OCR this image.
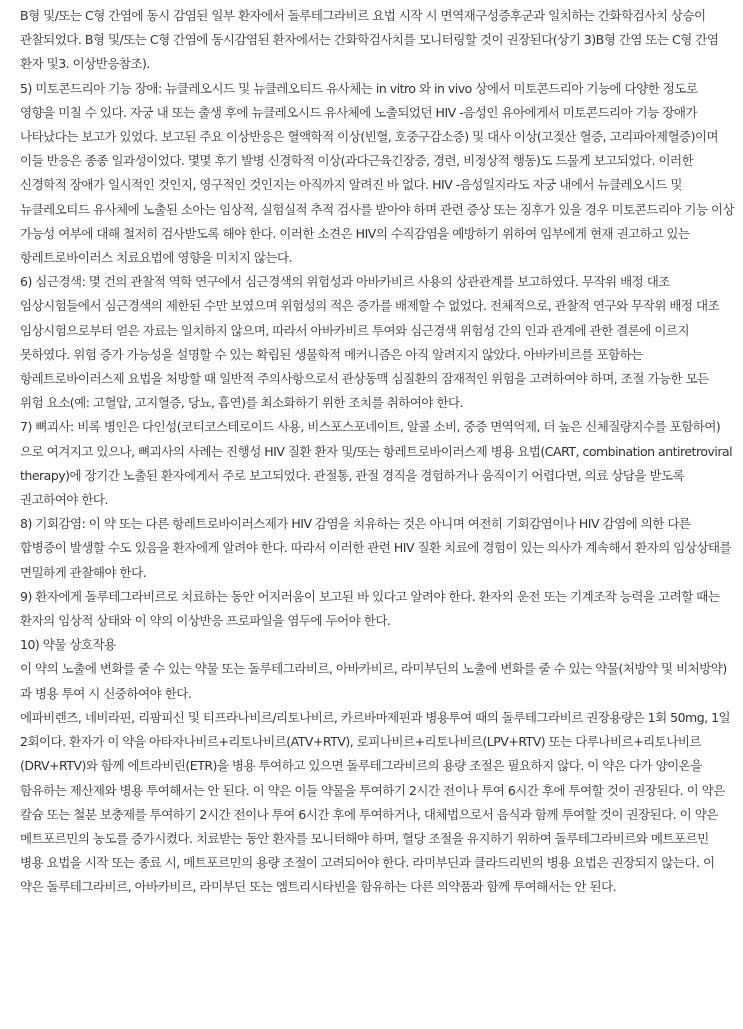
B형 및/또는 C형 간염에 동시 감염된 일부 환자에서 돌루테그라비르 요법 시작 시 면역재구성증후군과 일치하는 간화학검사치 상승이 관찰되었다. B형 및/또는 C형 간염에 동시감염된 환자에서는 간화학검사치를 모니터링할 것이 권장된다(상기 3)B형 간염 또는 C형 간염 환자 및3. 이상반응참조).

5) 미토콘드리아 기능 장애: 뉴클레오시드 및 뉴클레오티드 유사체는 in vitro 와 in vivo 상에서 미토콘드리아 기능에 다양한 정도로 영향을 미칠 수 있다. 자궁 내 또는 출생 후에 뉴클레오시드 유사체에 노출되었던 HIV -음성인 유아에게서 미토콘드리아 기능 장애가 나타났다는 보고가 있었다. 보고된 주요 이상반응은 혈액학적 이상(빈혈, 호중구감소증) 및 대사 이상(고젖산 혈증, 고리파아제혈증)이며 이들 반응은 종종 일과성이었다. 몇몇 후기 발병 신경학적 이상(과다근육긴장증, 경련, 비정상적 행동)도 드물게 보고되었다. 이러한 신경학적 장애가 일시적인 것인지, 영구적인 것인지는 아직까지 알려진 바 없다. HIV -음성일지라도 자궁 내에서 뉴클레오시드 및 뉴클레오티드 유사체에 노출된 소아는 임상적, 실험실적 추적 검사를 받아야 하며 관련 증상 또는 징후가 있을 경우 미토콘드리아 기능 이상 가능성 여부에 대해 철저히 검사받도록 해야 한다. 이러한 소견은 HIV의 수직감염을 예방하기 위하여 임부에게 현재 권고하고 있는 항레트로바이러스 치료요법에 영향을 미치지 않는다.

6) 심근경색: 몇 건의 관찰적 역학 연구에서 심근경색의 위험성과 아바카비르 사용의 상관관계를 보고하였다. 무작위 배정 대조 임상시험들에서 심근경색의 제한된 수만 보였으며 위험성의 적은 증가를 배제할 수 없었다. 전체적으로, 관찰적 연구와 무작위 배정 대조 임상시험으로부터 얻은 자료는 일치하지 않으며, 따라서 아바카비르 투여와 심근경색 위험성 간의 인과 관계에 관한 결론에 이르지 못하였다. 위험 증가 가능성을 설명할 수 있는 확립된 생물학적 메커니즘은 아직 알려지지 않았다. 아바카비르를 포함하는 항레트로바이러스제 요법을 처방할 때 일반적 주의사항으로서 관상동맥 심질환의 잠재적인 위험을 고려하여야 하며, 조절 가능한 모든 위험 요소(예: 고혈압, 고지혈증, 당뇨, 흡연)를 최소화하기 위한 조치를 취하여야 한다.

7) 뼈괴사: 비록 병인은 다인성(코티코스테로이드 사용, 비스포스포네이트, 알콜 소비, 중증 면역억제, 더 높은 신체질량지수를 포함하여)으로 여겨지고 있으나, 뼈괴사의 사례는 진행성 HIV 질환 환자 및/또는 항레트로바이러스제 병용 요법(CART, combination antiretroviral therapy)에 장기간 노출된 환자에게서 주로 보고되었다. 관절통, 관절 경직을 경험하거나 움직이기 어렵다면, 의료 상담을 받도록 권고하여야 한다.

8) 기회감염: 이 약 또는 다른 항레트로바이러스제가 HIV 감염을 치유하는 것은 아니며 여전히 기회감염이나 HIV 감염에 의한 다른 합병증이 발생할 수도 있음을 환자에게 알려야 한다. 따라서 이러한 관련 HIV 질환 치료에 경험이 있는 의사가 계속해서 환자의 임상상태를 면밀하게 관찰해야 한다.

9) 환자에게 돌루테그라비르로 치료하는 동안 어지러움이 보고된 바 있다고 알려야 한다. 환자의 운전 또는 기계조작 능력을 고려할 때는 환자의 임상적 상태와 이 약의 이상반응 프로파일을 염두에 두어야 한다.

10) 약물 상호작용

이 약의 노출에 변화를 줄 수 있는 약물 또는 돌루테그라비르, 아바카비르, 라미부딘의 노출에 변화를 줄 수 있는 약물(처방약 및 비처방약)과 병용 투여 시 신중하여야 한다.

에파비렌즈, 네비라핀, 리팜피신 및 티프라나비르/리토나비르, 카르바마제핀과 병용투여 때의 돌루테그라비르 권장용량은 1회 50mg, 1일 2회이다. 환자가 이 약을 아타자나비르+리토나비르(ATV+RTV), 로피나비르+리토나비르(LPV+RTV) 또는 다루나비르+리토나비르(DRV+RTV)와 함께 에트라비린(ETR)을 병용 투여하고 있으면 돌루테그라비르의 용량 조절은 필요하지 않다. 이 약은 다가 양이온을 함유하는 제산제와 병용 투여해서는 안 된다. 이 약은 이들 약물을 투여하기 2시간 전이나 투여 6시간 후에 투여할 것이 권장된다. 이 약은 칼슘 또는 철분 보충제를 투여하기 2시간 전이나 투여 6시간 후에 투여하거나, 대체법으로서 음식과 함께 투여할 것이 권장된다. 이 약은 메트포르민의 농도를 증가시켰다. 치료받는 동안 환자를 모니터해야 하며, 혈당 조절을 유지하기 위하여 돌루테그라비르와 메트포르민 병용 요법을 시작 또는 종료 시, 메트포르민의 용량 조절이 고려되어야 한다. 라미부딘과 클라드리빈의 병용 요법은 권장되지 않는다. 이 약은 돌루테그라비르, 아바카비르, 라미부딘 또는 엠트리시타빈을 함유하는 다른 의약품과 함께 투여해서는 안 된다.
